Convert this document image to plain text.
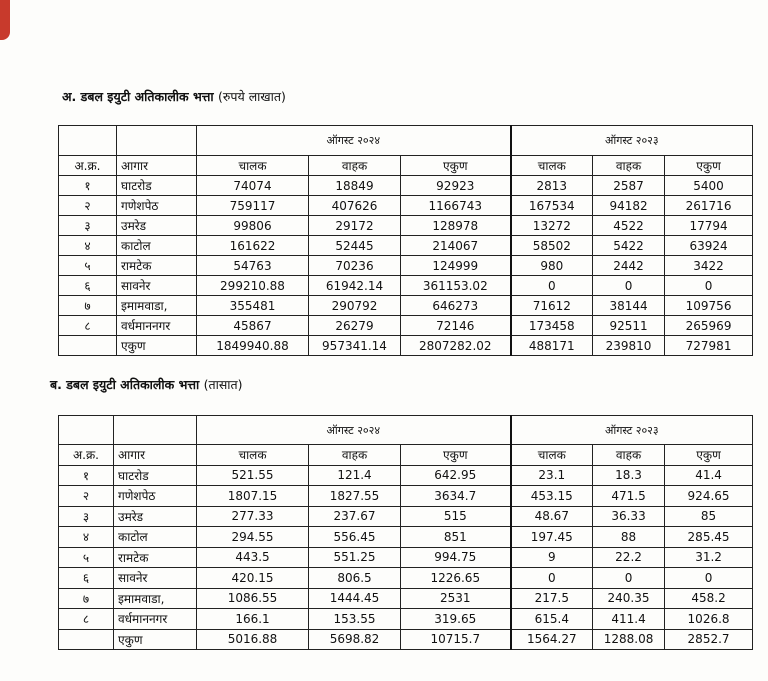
अ. डबल इयुटी अतिकालीक भत्ता (रुपये लाखात)
		ऑगस्ट २०२४			ऑगस्ट २०२३		
अ.क्र.	आगार	चालक	वाहक	एकुण	चालक	वाहक	एकुण
१	घाटरोड	74074	18849	92923	2813	2587	5400
२	गणेशपेठ	759117	407626	1166743	167534	94182	261716
३	उमरेड	99806	29172	128978	13272	4522	17794
४	काटोल	161622	52445	214067	58502	5422	63924
५	रामटेक	54763	70236	124999	980	2442	3422
६	सावनेर	299210.88	61942.14	361153.02	0	0	0
७	इमामवाडा,	355481	290792	646273	71612	38144	109756
८	वर्धमाननगर	45867	26279	72146	173458	92511	265969
	एकुण	1849940.88	957341.14	2807282.02	488171	239810	727981
ब. डबल इयुटी अतिकालीक भत्ता (तासात)
		ऑगस्ट २०२४			ऑगस्ट २०२३		
अ.क्र.	आगार	चालक	वाहक	एकुण	चालक	वाहक	एकुण
१	घाटरोड	521.55	121.4	642.95	23.1	18.3	41.4
२	गणेशपेठ	1807.15	1827.55	3634.7	453.15	471.5	924.65
३	उमरेड	277.33	237.67	515	48.67	36.33	85
४	काटोल	294.55	556.45	851	197.45	88	285.45
५	रामटेक	443.5	551.25	994.75	9	22.2	31.2
६	सावनेर	420.15	806.5	1226.65	0	0	0
७	इमामवाडा,	1086.55	1444.45	2531	217.5	240.35	458.2
८	वर्धमाननगर	166.1	153.55	319.65	615.4	411.4	1026.8
	एकुण	5016.88	5698.82	10715.7	1564.27	1288.08	2852.7
